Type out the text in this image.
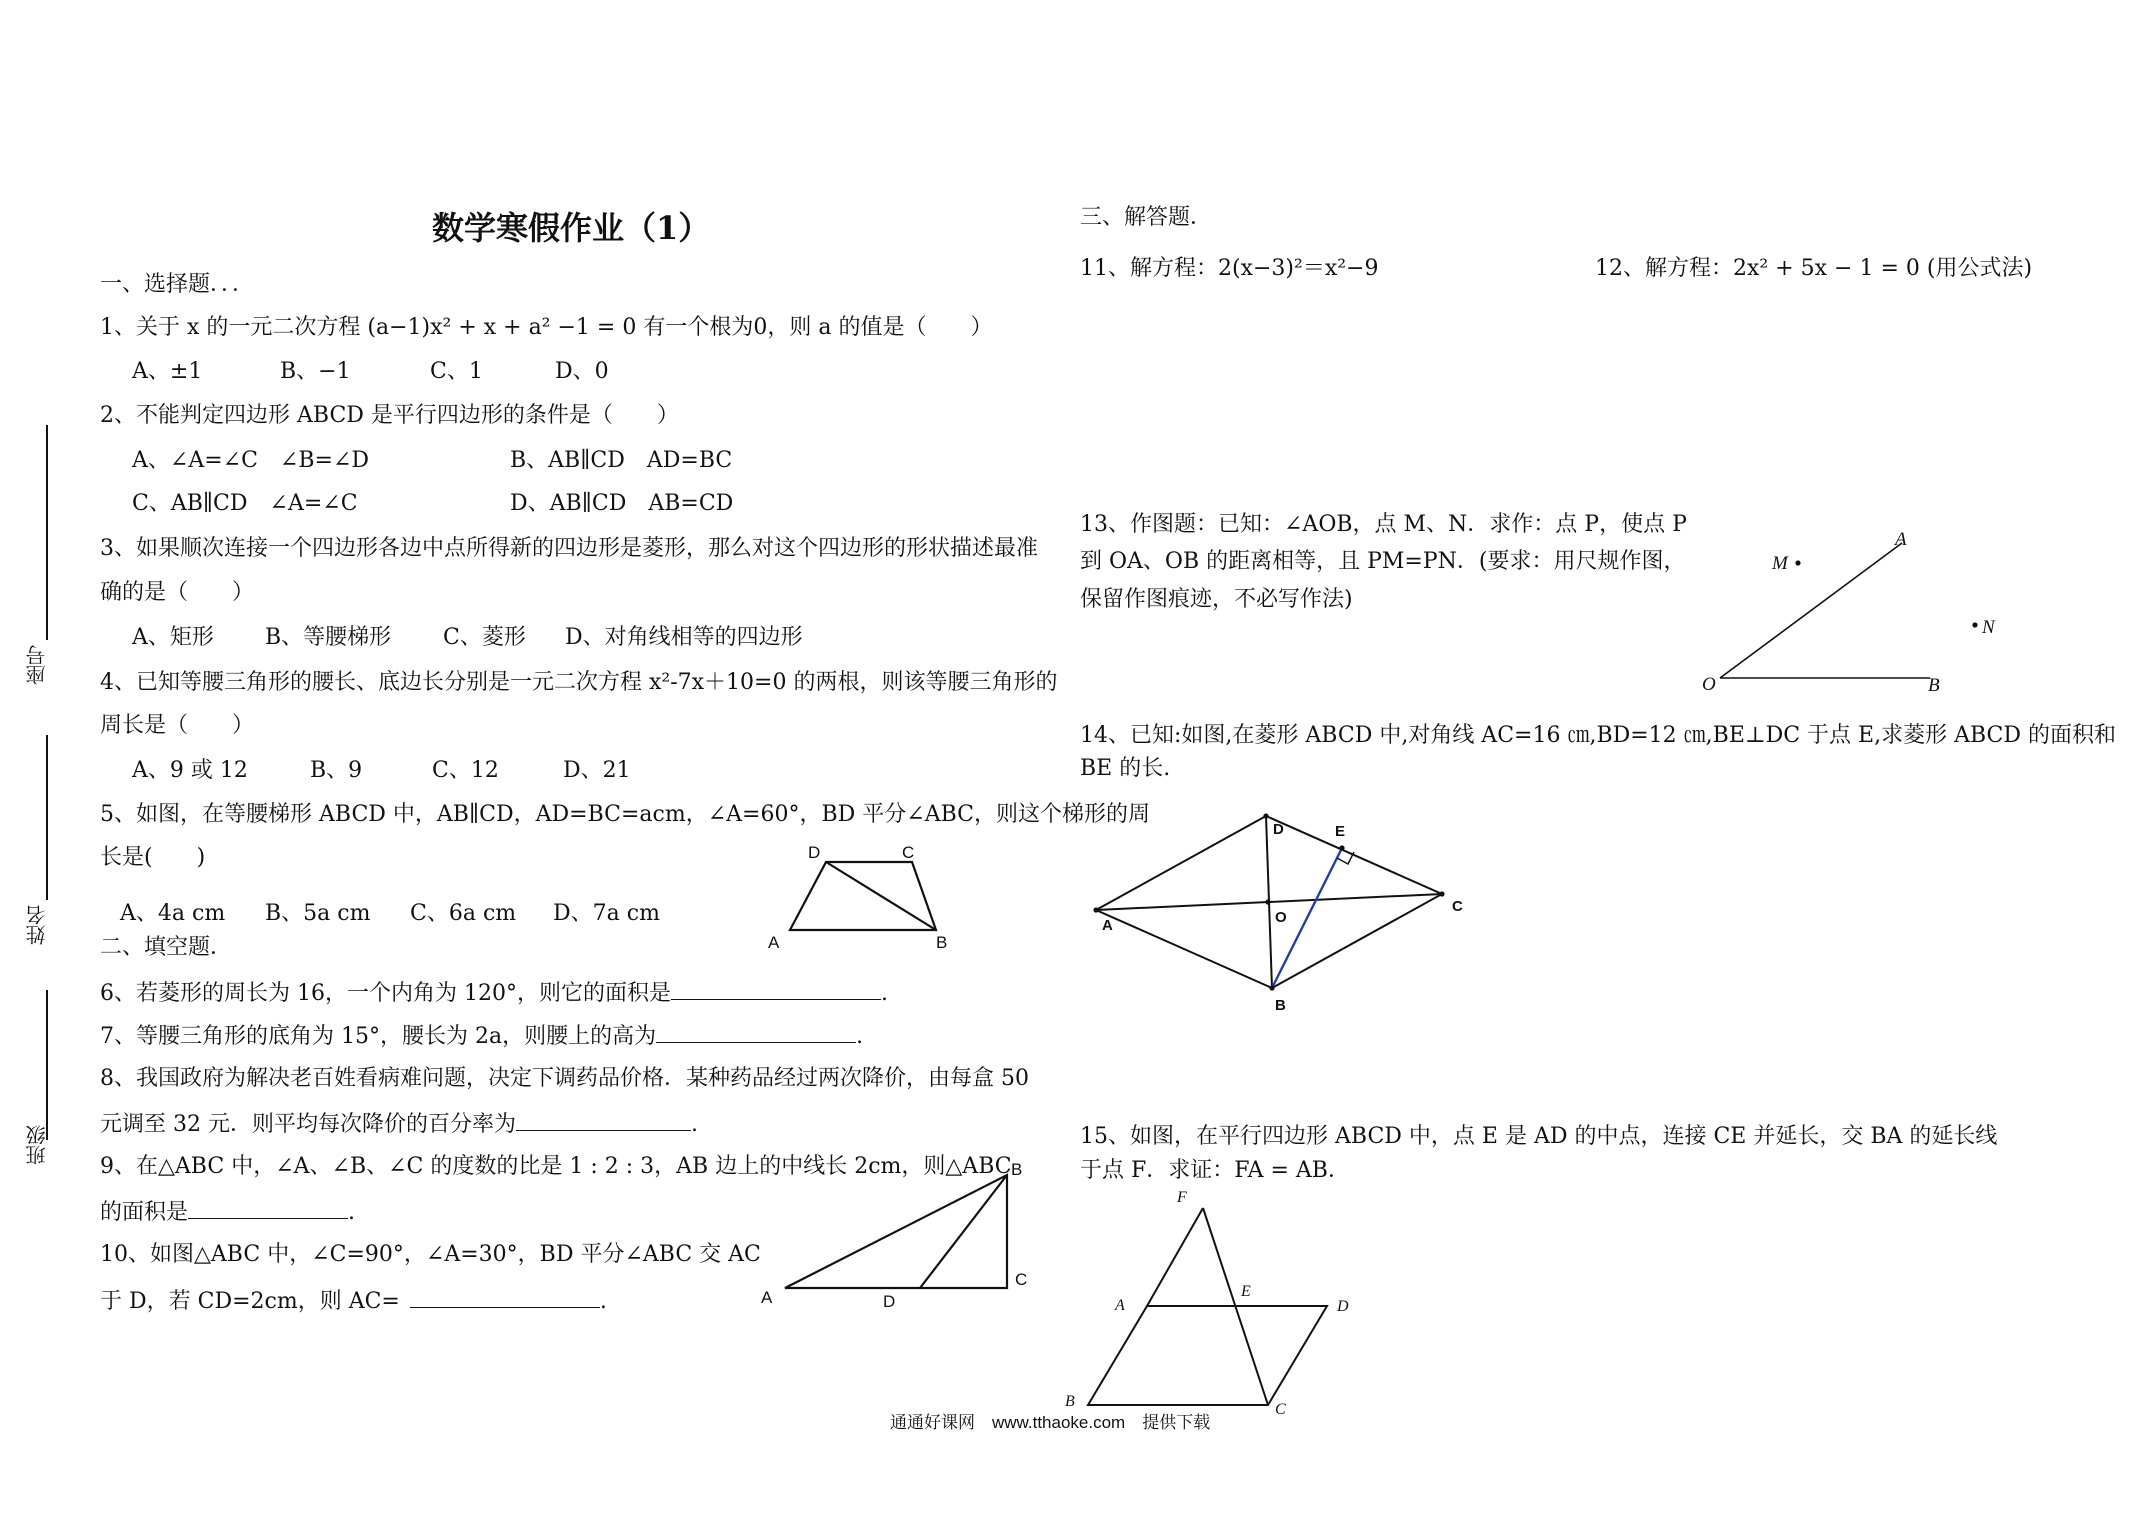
座号
姓名
班级
数学寒假作业（1）
一、选择题．．．
1、关于 x 的一元二次方程 (a−1)x² + x + a² −1 = 0 有一个根为0，则 a 的值是（　　）
A、±1	B、−1	C、1	D、0
2、不能判定四边形 ABCD 是平行四边形的条件是（　　）
A、∠A=∠C　∠B=∠D	B、AB∥CD　AD=BC
C、AB∥CD　∠A=∠C	D、AB∥CD　AB=CD
3、如果顺次连接一个四边形各边中点所得新的四边形是菱形，那么对这个四边形的形状描述最准
确的是（　　）
A、矩形 B、等腰梯形 C、菱形 D、对角线相等的四边形
4、已知等腰三角形的腰长、底边长分别是一元二次方程 x²-7x＋10=0 的两根，则该等腰三角形的
周长是（　　）
A、9 或 12	B、9	C、12	D、21
5、如图，在等腰梯形 ABCD 中，AB∥CD，AD=BC=acm，∠A=60°，BD 平分∠ABC，则这个梯形的周
长是(　　)
A、4a cm B、5a cm C、6a cm D、7a cm
D	C
A	B
二、填空题．
6、若菱形的周长为 16，一个内角为 120°，则它的面积是	.
7、等腰三角形的底角为 15°，腰长为 2a，则腰上的高为	.
8、我国政府为解决老百姓看病难问题，决定下调药品价格．某种药品经过两次降价，由每盒 50
元调至 32 元．则平均每次降价的百分率为	.
9、在△ABC 中，∠A、∠B、∠C 的度数的比是 1 : 2 : 3，AB 边上的中线长 2cm，则△ABC
的面积是	.
10、如图△ABC 中，∠C=90°，∠A=30°，BD 平分∠ABC 交 AC
于 D，若 CD=2cm，则 AC=	.
B
C
A	D
三、解答题．
11、解方程：2(x−3)²＝x²−9	12、解方程：2x² + 5x − 1 = 0 (用公式法)
13、作图题：已知：∠AOB，点 M、N．求作：点 P，使点 P
到 OA、OB 的距离相等，且 PM=PN．(要求：用尺规作图，
保留作图痕迹，不必写作法)
M
N
A
O	B
14、已知:如图,在菱形 ABCD 中,对角线 AC=16 ㎝,BD=12 ㎝,BE⊥DC 于点 E,求菱形 ABCD 的面积和
BE 的长.
A
D	E
C
O
B
15、如图，在平行四边形 ABCD 中，点 E 是 AD 的中点，连接 CE 并延长，交 BA 的延长线
于点 F．求证：FA = AB．
F
A
E
D
B	C
通通好课网　www.tthaoke.com　提供下载
